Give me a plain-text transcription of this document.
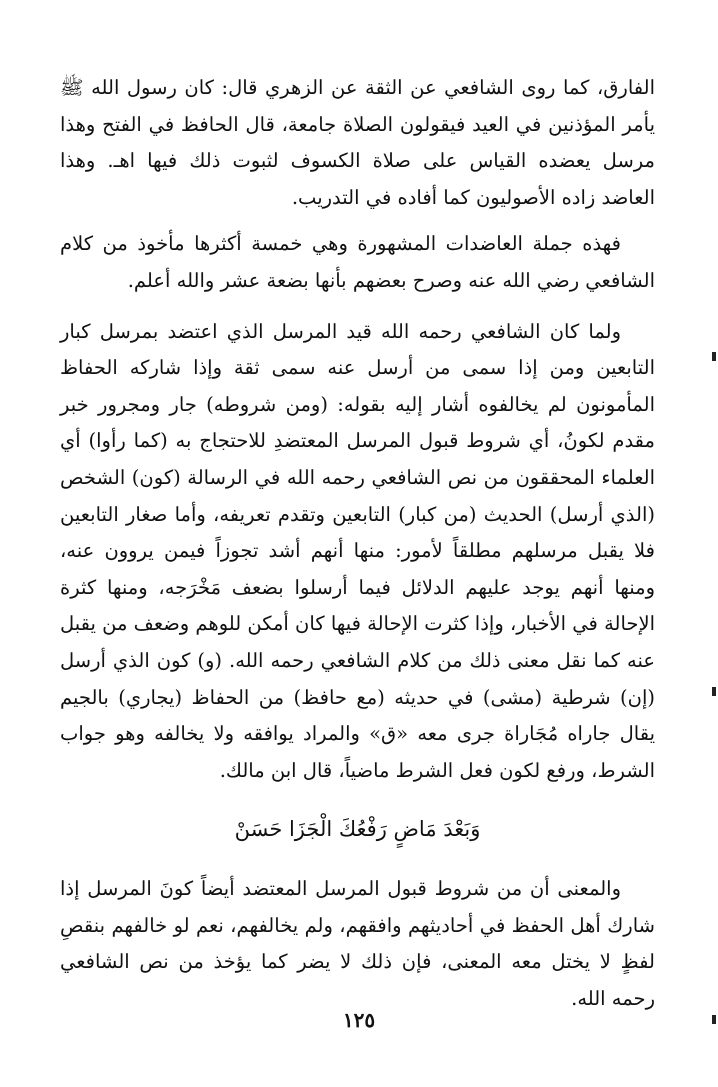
الفارق، كما روى الشافعي عن الثقة عن الزهري قال: كان رسول الله ﷺ يأمر المؤذنين في العيد فيقولون الصلاة جامعة، قال الحافظ في الفتح وهذا مرسل يعضده القياس على صلاة الكسوف لثبوت ذلك فيها اهـ. وهذا العاضد زاده الأصوليون كما أفاده في التدريب.

فهذه جملة العاضدات المشهورة وهي خمسة أكثرها مأخوذ من كلام الشافعي رضي الله عنه وصرح بعضهم بأنها بضعة عشر والله أعلم.

ولما كان الشافعي رحمه الله قيد المرسل الذي اعتضد بمرسل كبار التابعين ومن إذا سمى من أرسل عنه سمى ثقة وإذا شاركه الحفاظ المأمونون لم يخالفوه أشار إليه بقوله: (ومن شروطه) جار ومجرور خبر مقدم لكونُ، أي شروط قبول المرسل المعتضدِ للاحتجاج به (كما رأوا) أي العلماء المحققون من نص الشافعي رحمه الله في الرسالة (كون) الشخص (الذي أرسل) الحديث (من كبار) التابعين وتقدم تعريفه، وأما صغار التابعين فلا يقبل مرسلهم مطلقاً لأمور: منها أنهم أشد تجوزاً فيمن يروون عنه، ومنها أنهم يوجد عليهم الدلائل فيما أرسلوا بضعف مَخْرَجه، ومنها كثرة الإحالة في الأخبار، وإذا كثرت الإحالة فيها كان أمكن للوهم وضعف من يقبل عنه كما نقل معنى ذلك من كلام الشافعي رحمه الله. (و) كون الذي أرسل (إن) شرطية (مشى) في حديثه (مع حافظ) من الحفاظ (يجاري) بالجيم يقال جاراه مُجَاراة جرى معه «ق» والمراد يوافقه ولا يخالفه وهو جواب الشرط، ورفع لكون فعل الشرط ماضياً، قال ابن مالك.

وَبَعْدَ مَاضٍ رَفْعُكَ الْجَزَا حَسَنْ

والمعنى أن من شروط قبول المرسل المعتضد أيضاً كونَ المرسل إذا شارك أهل الحفظ في أحاديثهم وافقهم، ولم يخالفهم، نعم لو خالفهم بنقصِ لفظٍ لا يختل معه المعنى، فإن ذلك لا يضر كما يؤخذ من نص الشافعي رحمه الله.

١٢٥
